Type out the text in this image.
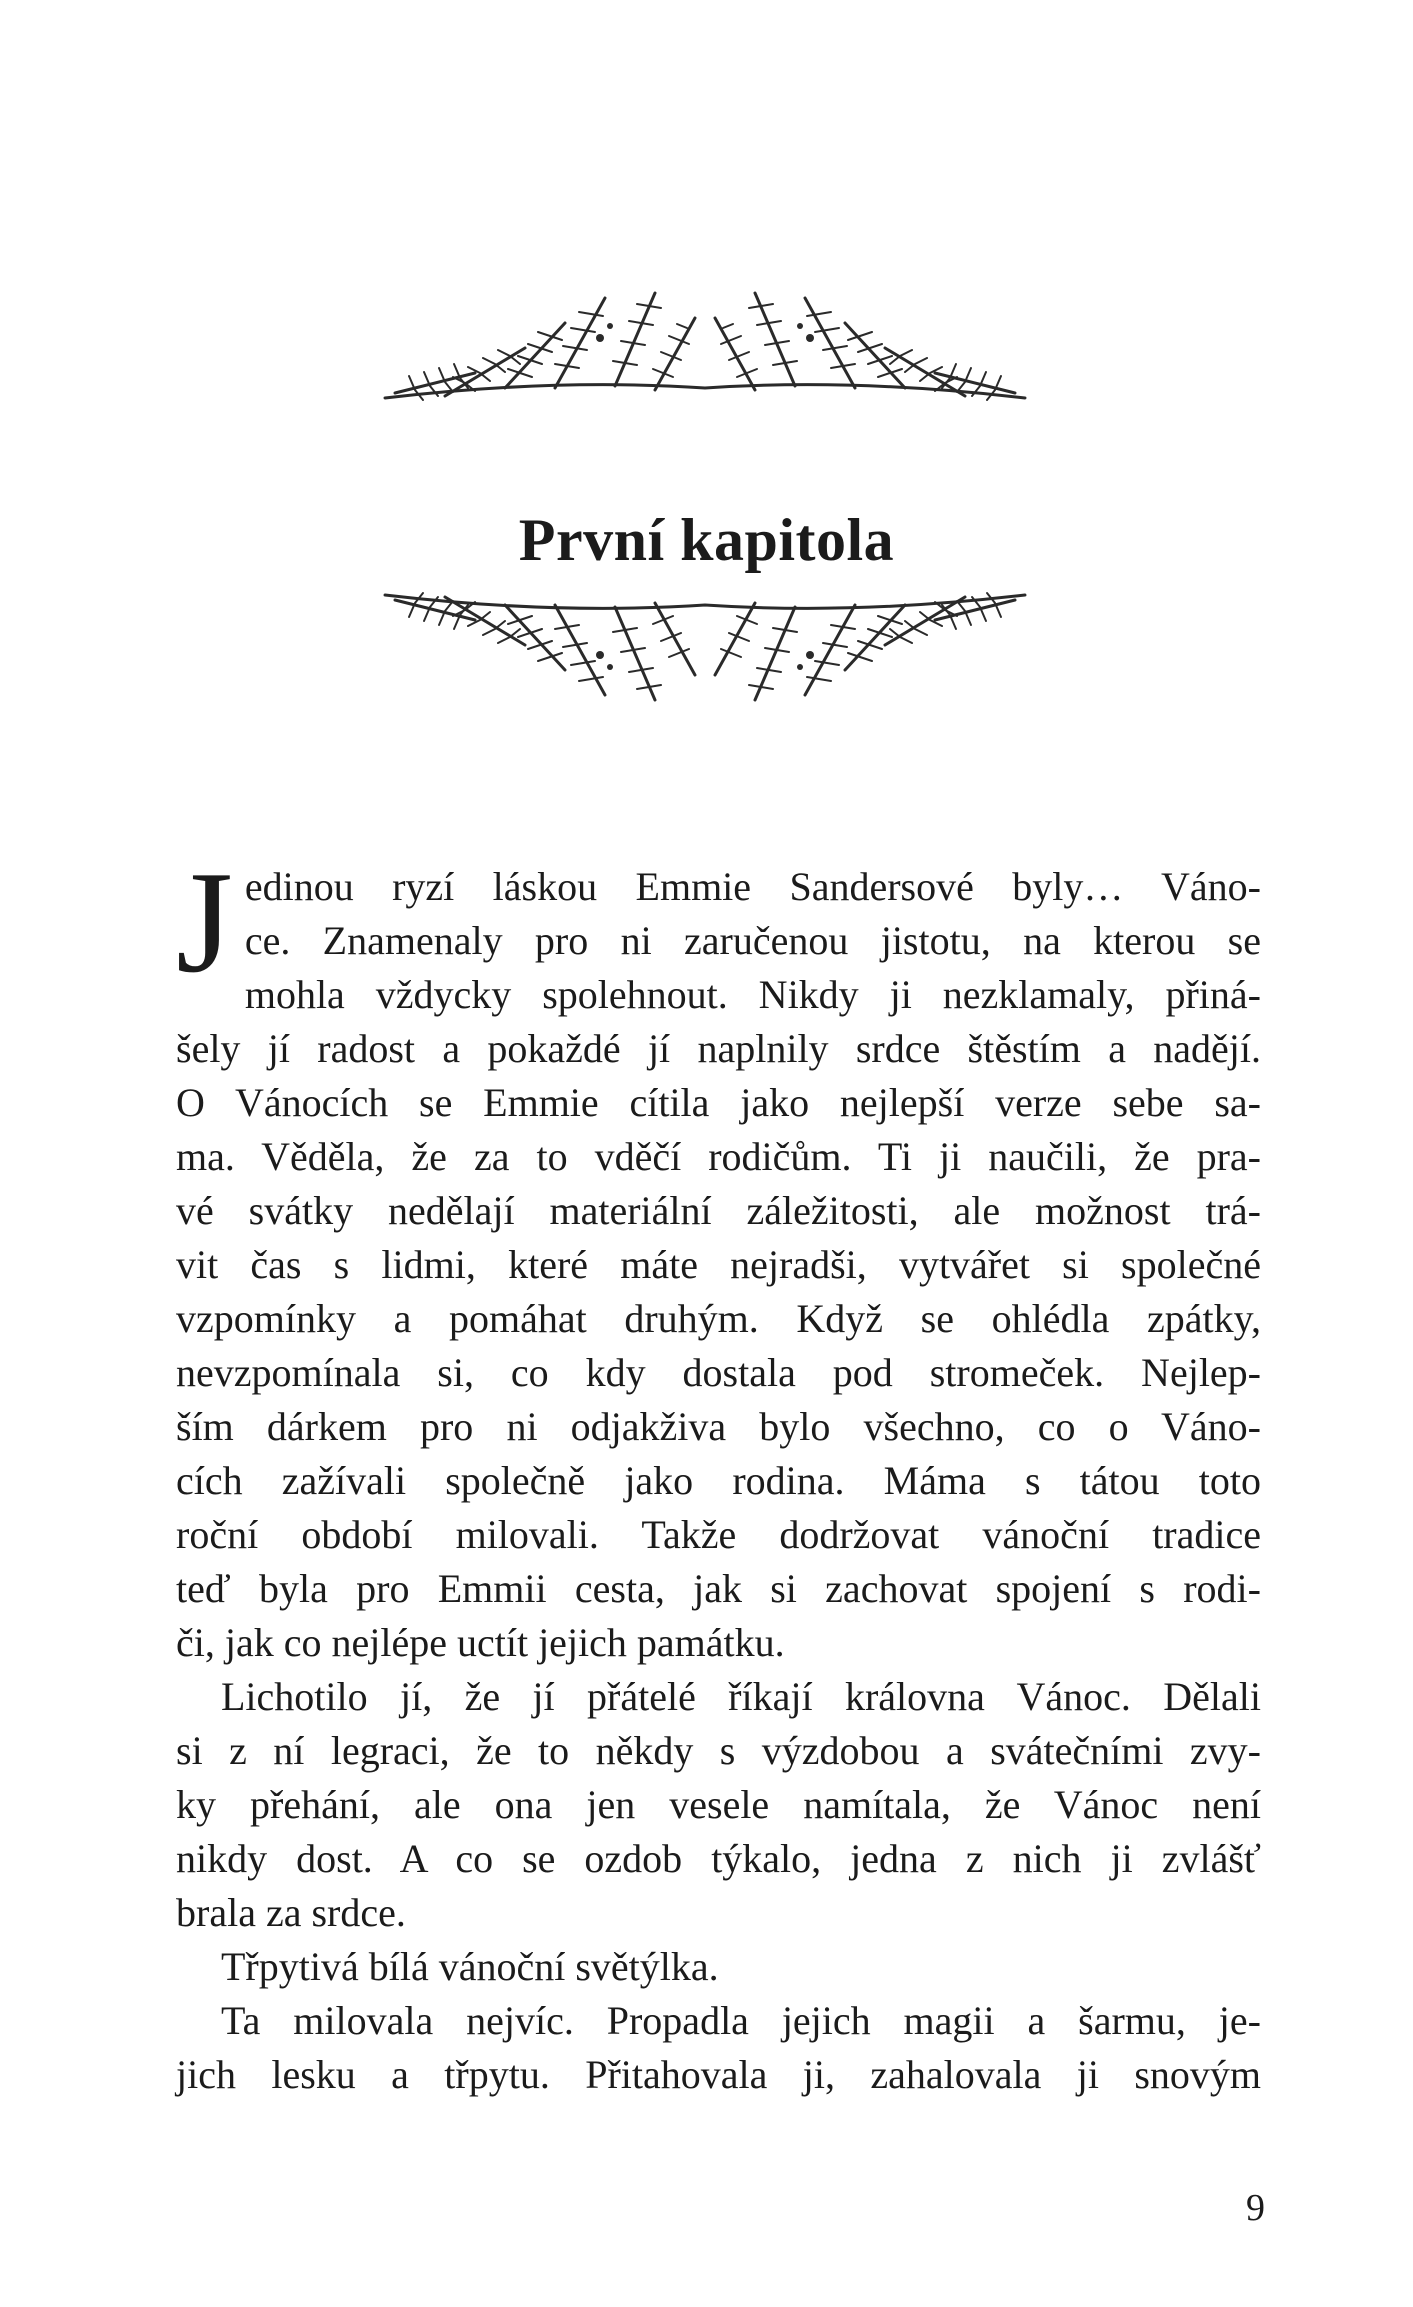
První kapitola

J edinou ryzí láskou Emmie Sandersové byly… Váno-
ce. Znamenaly pro ni zaručenou jistotu, na kterou se
mohla vždycky spolehnout. Nikdy ji nezklamaly, přiná-
šely jí radost a pokaždé jí naplnily srdce štěstím a nadějí.
O Vánocích se Emmie cítila jako nejlepší verze sebe sa-
ma. Věděla, že za to vděčí rodičům. Ti ji naučili, že pra-
vé svátky nedělají materiální záležitosti, ale možnost trá-
vit čas s lidmi, které máte nejradši, vytvářet si společné
vzpomínky a pomáhat druhým. Když se ohlédla zpátky,
nevzpomínala si, co kdy dostala pod stromeček. Nejlep-
ším dárkem pro ni odjakživa bylo všechno, co o Váno-
cích zažívali společně jako rodina. Máma s tátou toto
roční období milovali. Takže dodržovat vánoční tradice
teď byla pro Emmii cesta, jak si zachovat spojení s rodi-
či, jak co nejlépe uctít jejich památku.

Lichotilo jí, že jí přátelé říkají královna Vánoc. Dělali
si z ní legraci, že to někdy s výzdobou a svátečními zvy-
ky přehání, ale ona jen vesele namítala, že Vánoc není
nikdy dost. A co se ozdob týkalo, jedna z nich ji zvlášť
brala za srdce.

Třpytivá bílá vánoční světýlka.

Ta milovala nejvíc. Propadla jejich magii a šarmu, je-
jich lesku a třpytu. Přitahovala ji, zahalovala ji snovým

9
